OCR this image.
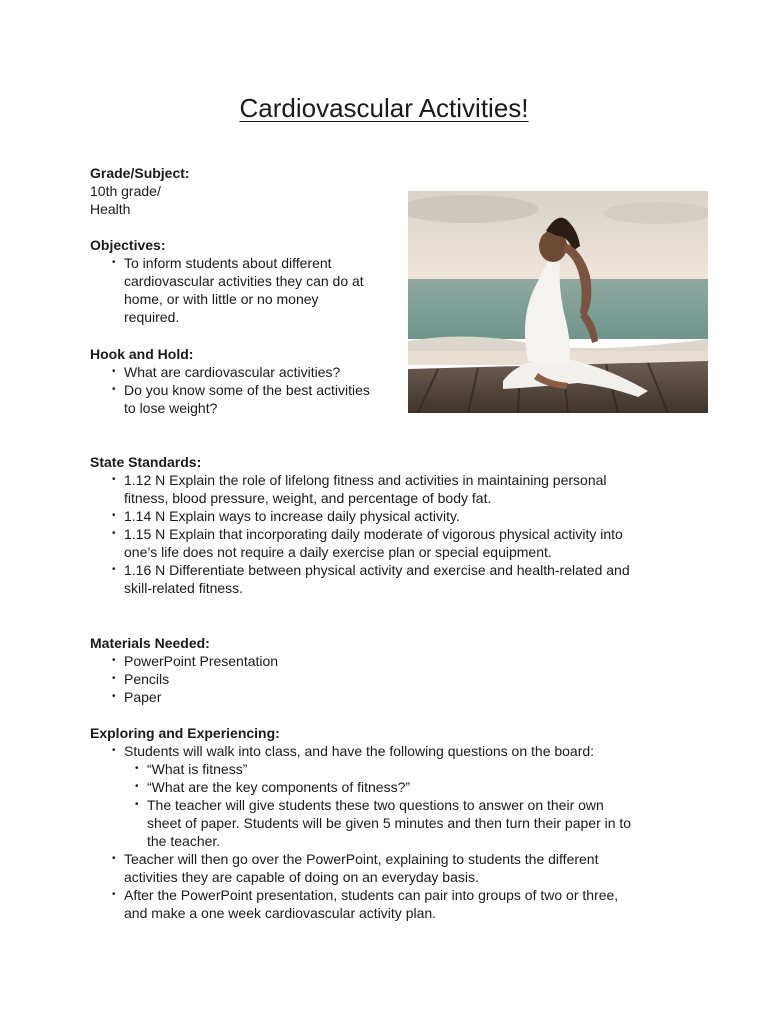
Cardiovascular Activities!
Grade/Subject:
10th grade/
Health
Objectives:
• To inform students about different
cardiovascular activities they can do at
home, or with little or no money
required.
Hook and Hold:
• What are cardiovascular activities?
• Do you know some of the best activities
to lose weight?
State Standards:
• 1.12 N Explain the role of lifelong fitness and activities in maintaining personal
fitness, blood pressure, weight, and percentage of body fat.
• 1.14 N Explain ways to increase daily physical activity.
• 1.15 N Explain that incorporating daily moderate of vigorous physical activity into
one’s life does not require a daily exercise plan or special equipment.
• 1.16 N Differentiate between physical activity and exercise and health-related and
skill-related fitness.
Materials Needed:
• PowerPoint Presentation
• Pencils
• Paper
Exploring and Experiencing:
• Students will walk into class, and have the following questions on the board:
• “What is fitness”
• “What are the key components of fitness?”
• The teacher will give students these two questions to answer on their own
sheet of paper. Students will be given 5 minutes and then turn their paper in to
the teacher.
• Teacher will then go over the PowerPoint, explaining to students the different
activities they are capable of doing on an everyday basis.
• After the PowerPoint presentation, students can pair into groups of two or three,
and make a one week cardiovascular activity plan.
